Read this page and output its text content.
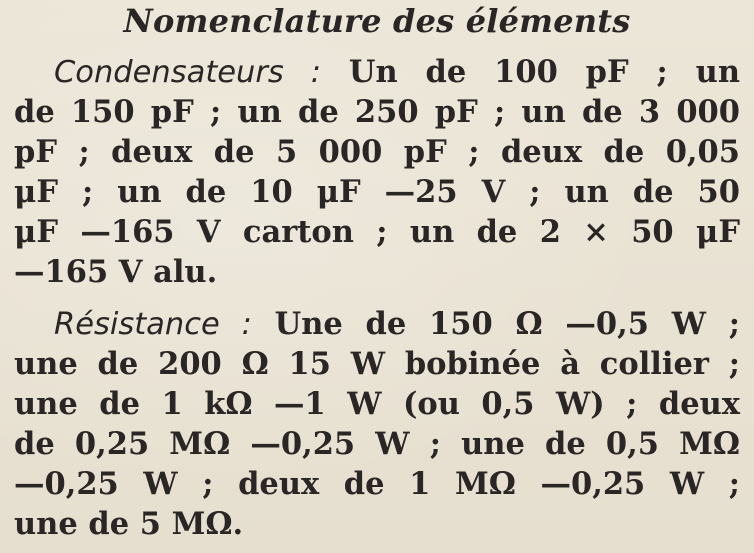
Nomenclature des éléments
Condensateurs : Un de 100 pF ; un
de 150 pF ; un de 250 pF ; un de 3 000
pF ; deux de 5 000 pF ; deux de 0,05
μF ; un de 10 μF —25 V ; un de 50
μF —165 V carton ; un de 2 × 50 μF
—165 V alu.
Résistance : Une de 150 Ω —0,5 W ;
une de 200 Ω 15 W bobinée à collier ;
une de 1 kΩ —1 W (ou 0,5 W) ; deux
de 0,25 MΩ —0,25 W ; une de 0,5 MΩ
—0,25 W ; deux de 1 MΩ —0,25 W ;
une de 5 MΩ.
